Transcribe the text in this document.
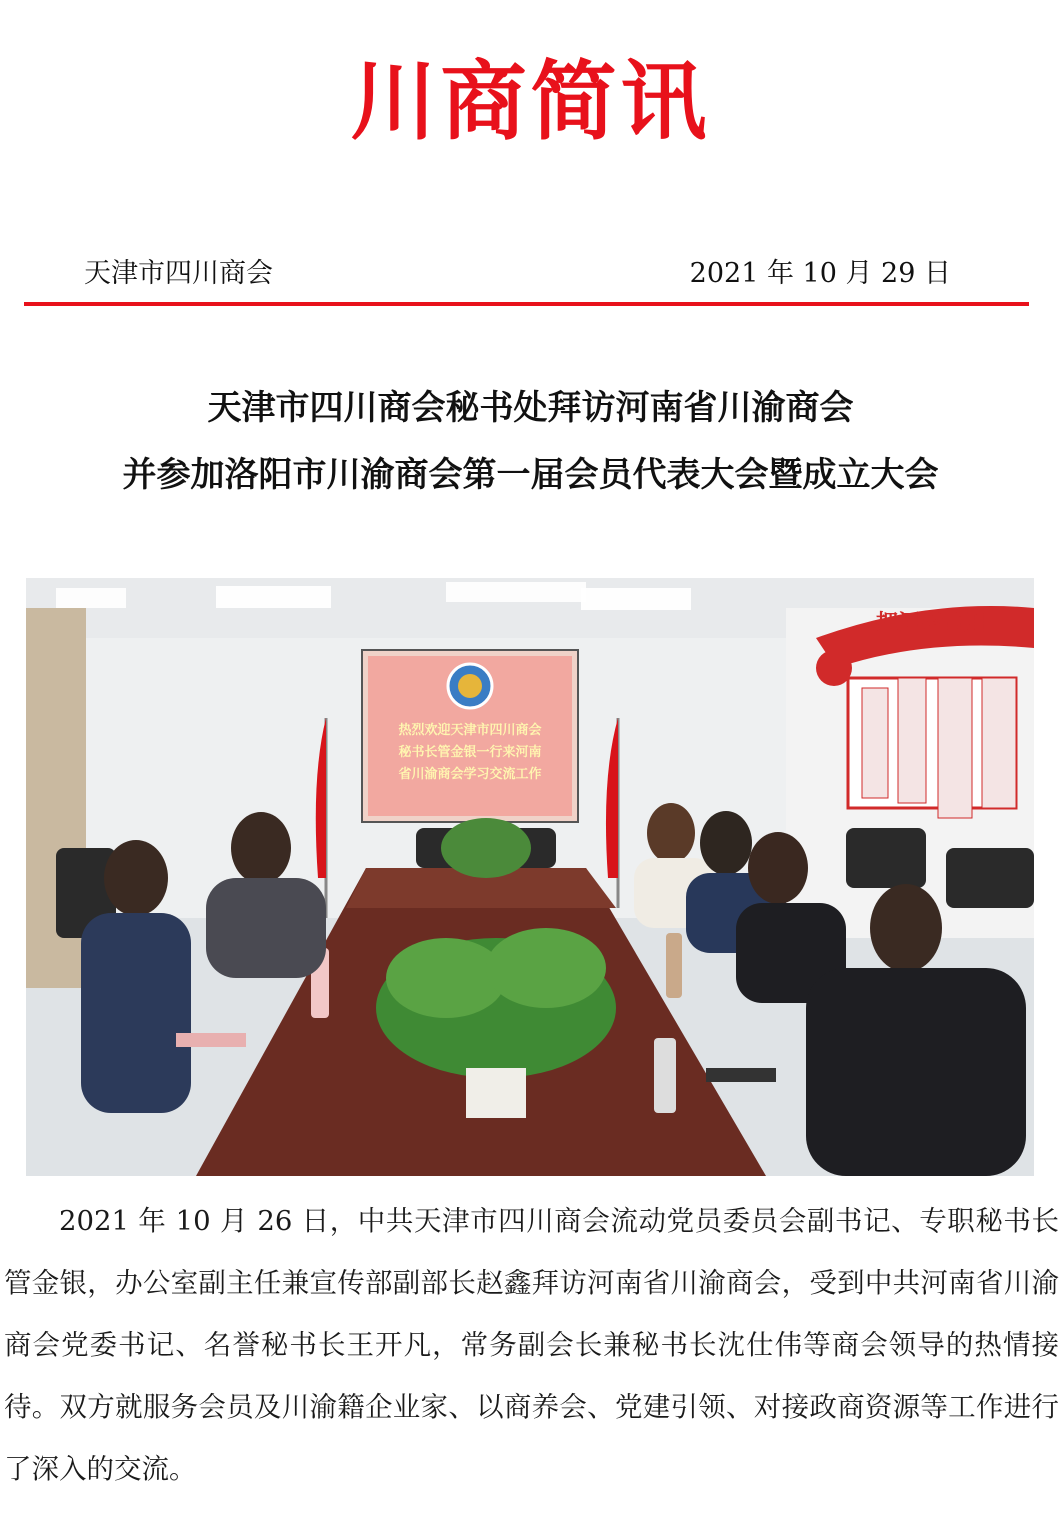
川商简讯
天津市四川商会	2021 年 10 月 29 日
天津市四川商会秘书处拜访河南省川渝商会
并参加洛阳市川渝商会第一届会员代表大会暨成立大会
热烈欢迎天津市四川商会
秘书长管金银一行来河南
省川渝商会学习交流工作
把河南省川

2021 年 10 月 26 日，中共天津市四川商会流动党员委员会副书记、专职秘书长管金银，办公室副主任兼宣传部副部长赵鑫拜访河南省川渝商会，受到中共河南省川渝商会党委书记、名誉秘书长王开凡，常务副会长兼秘书长沈仕伟等商会领导的热情接待。双方就服务会员及川渝籍企业家、以商养会、党建引领、对接政商资源等工作进行了深入的交流。
